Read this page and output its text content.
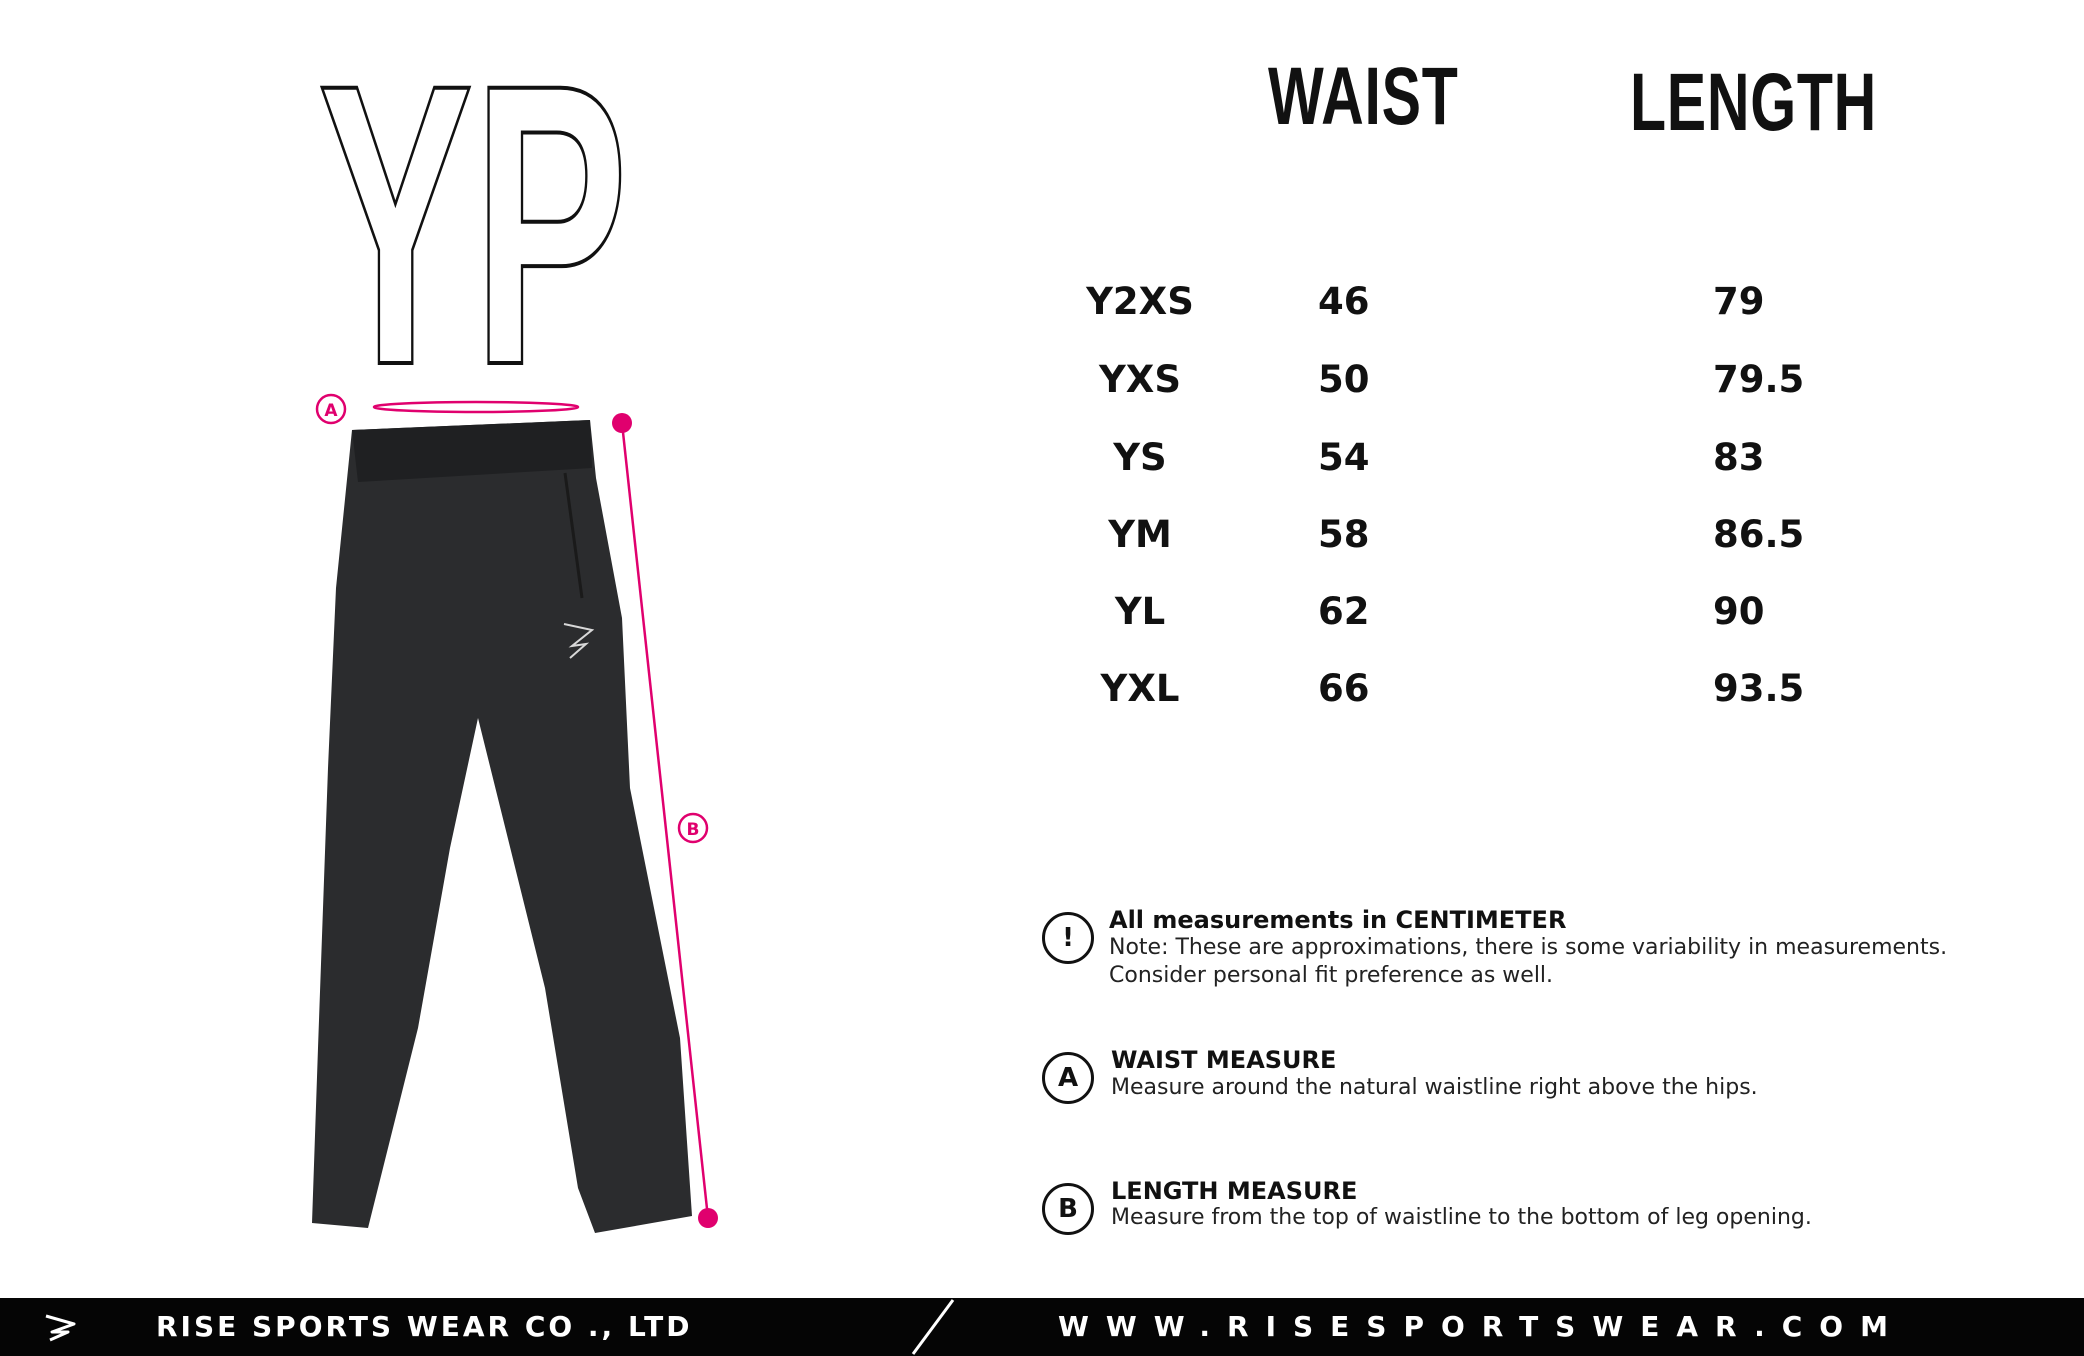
YP
A
B
WAIST LENGTH
Y2XS	46	79
YXS	50	79.5
YS	54	83
YM	58	86.5
YL	62	90
YXL	66	93.5
!
All measurements in CENTIMETER
Note: These are approximations, there is some variability in measurements.
Consider personal fit preference as well.
A
WAIST MEASURE
Measure around the natural waistline right above the hips.
B
LENGTH MEASURE
Measure from the top of waistline to the bottom of leg opening.
RISE SPORTS WEAR CO ., LTD	WWW.RISESPORTSWEAR.COM
